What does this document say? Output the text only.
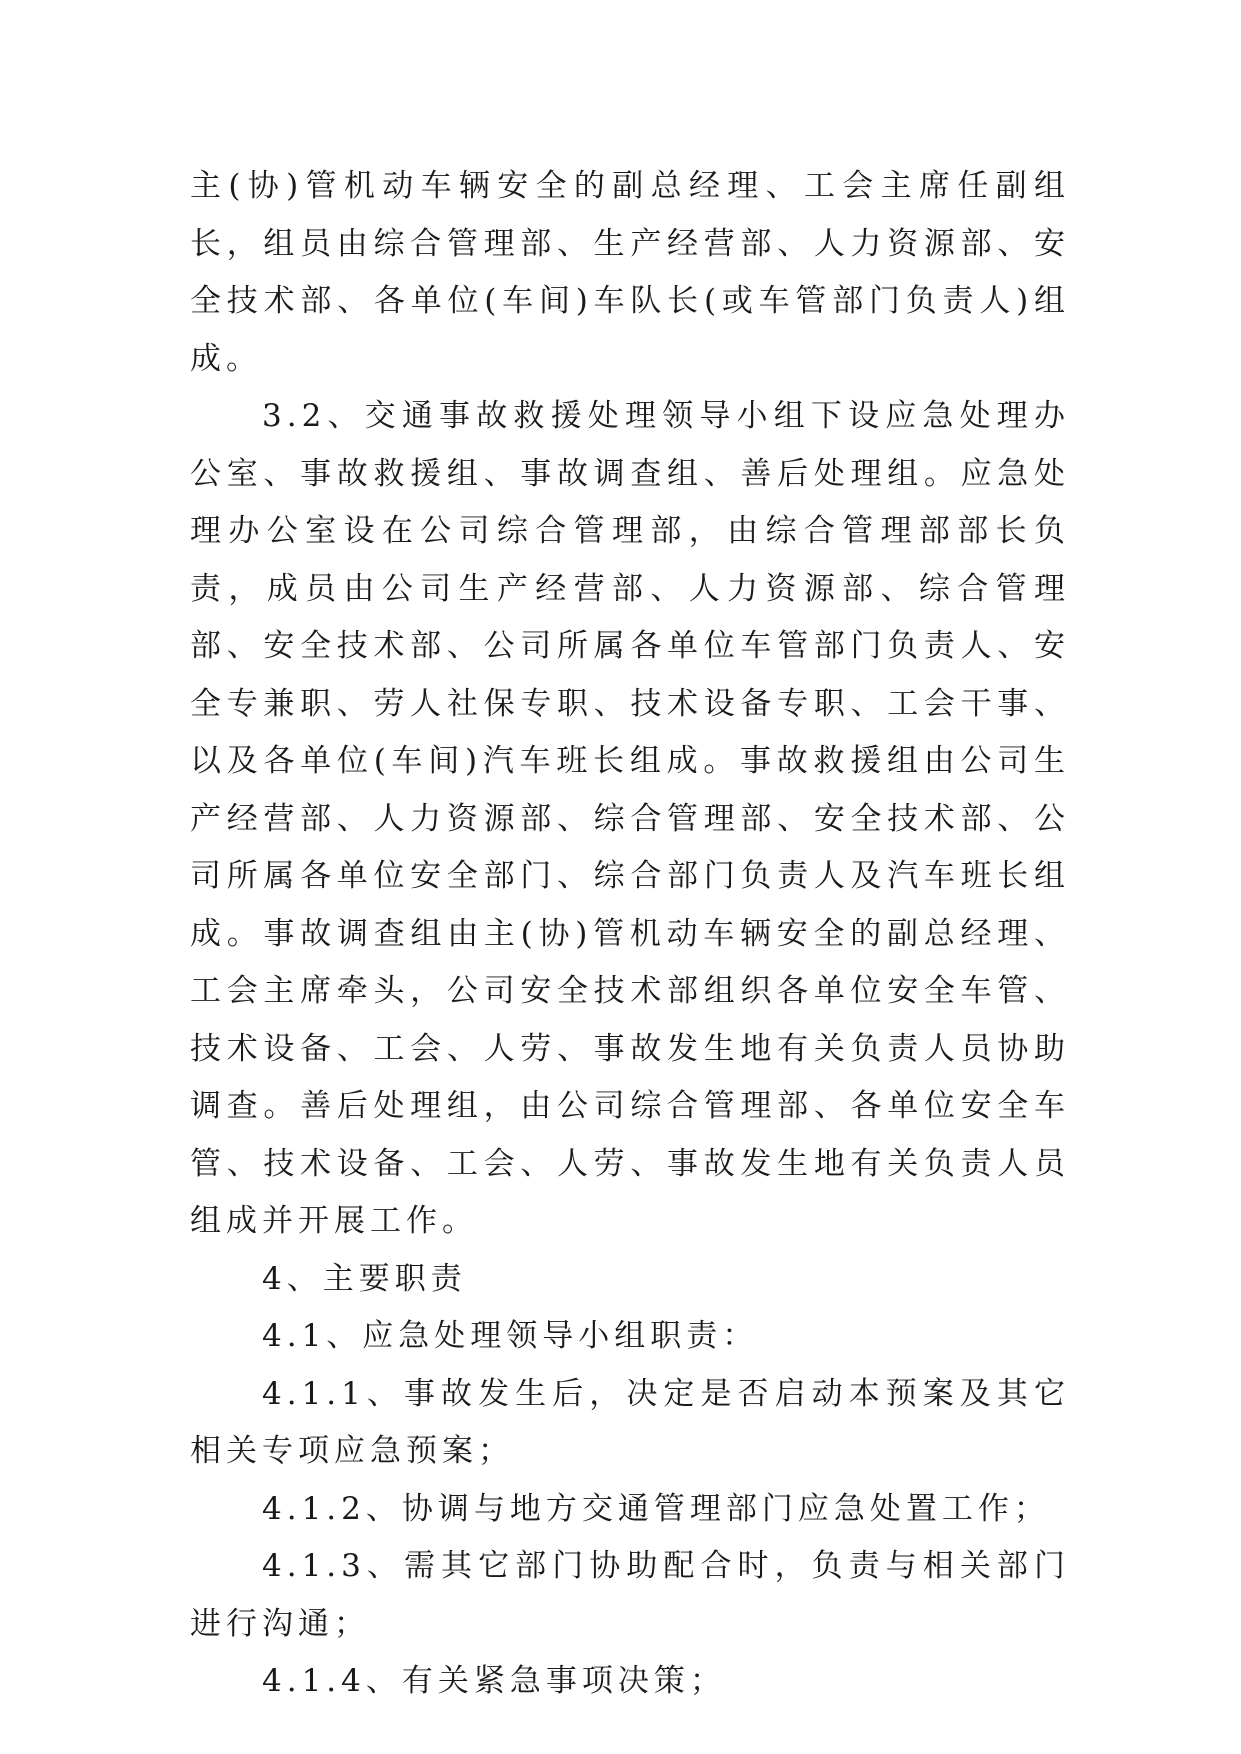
主(协)管机动车辆安全的副总经理、工会主席任副组长，组员由综合管理部、生产经营部、人力资源部、安全技术部、各单位(车间)车队长(或车管部门负责人)组成。

3.2、交通事故救援处理领导小组下设应急处理办公室、事故救援组、事故调查组、善后处理组。应急处理办公室设在公司综合管理部，由综合管理部部长负责，成员由公司生产经营部、人力资源部、综合管理部、安全技术部、公司所属各单位车管部门负责人、安全专兼职、劳人社保专职、技术设备专职、工会干事、以及各单位(车间)汽车班长组成。事故救援组由公司生产经营部、人力资源部、综合管理部、安全技术部、公司所属各单位安全部门、综合部门负责人及汽车班长组成。事故调查组由主(协)管机动车辆安全的副总经理、工会主席牵头，公司安全技术部组织各单位安全车管、技术设备、工会、人劳、事故发生地有关负责人员协助调查。善后处理组，由公司综合管理部、各单位安全车管、技术设备、工会、人劳、事故发生地有关负责人员组成并开展工作。

4、主要职责

4.1、应急处理领导小组职责：

4.1.1、事故发生后，决定是否启动本预案及其它相关专项应急预案；

4.1.2、协调与地方交通管理部门应急处置工作；

4.1.3、需其它部门协助配合时，负责与相关部门进行沟通；

4.1.4、有关紧急事项决策；
